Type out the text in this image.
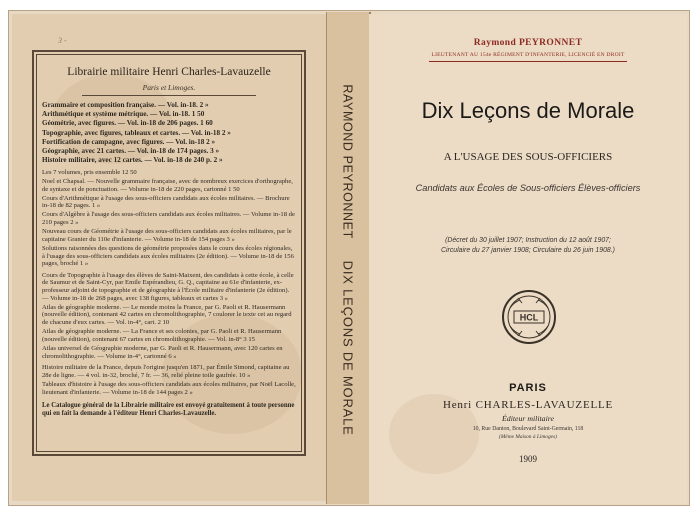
3 -
Librairie militaire Henri Charles-Lavauzelle
Paris et Limoges.
Grammaire et composition française. — Vol. in-18. 2 »
Arithmétique et système métrique. — Vol. in-18. 1 50
Géométrie, avec figures. — Vol. in-18 de 206 pages. 1 60
Topographie, avec figures, tableaux et cartes. — Vol. in-18 2 »
Fortification de campagne, avec figures. — Vol. in-18 2 »
Géographie, avec 21 cartes. — Vol. in-18 de 174 pages. 3 »
Histoire militaire, avec 12 cartes. — Vol. in-18 de 240 p. 2 »
Les 7 volumes, pris ensemble 12 50
Noel et Chapsal. — Nouvelle grammaire française, avec de nombreux exercices d'orthographe, de syntaxe et de ponctuation. — Volume in-18 de 220 pages, cartonné 1 50
Cours d'Arithmétique à l'usage des sous-officiers candidats aux écoles militaires. — Brochure in-18 de 82 pages. 1 »
Cours d'Algèbre à l'usage des sous-officiers candidats aux écoles militaires. — Volume in-18 de 210 pages 2 »
Nouveau cours de Géométrie à l'usage des sous-officiers candidats aux écoles militaires, par le capitaine Granier du 110e d'infanterie. — Volume in-18 de 154 pages 3 »
Solutions raisonnées des questions de géométrie proposées dans le cours des écoles régionales, à l'usage des sous-officiers candidats aux écoles militaires (2e édition). — Volume in-18 de 156 pages, broché 1 »
Cours de Topographie à l'usage des élèves de Saint-Maixent, des candidats à cette école, à celle de Saumur et de Saint-Cyr, par Emile Espérandieu, G. Q., capitaine au 61e d'infanterie, ex-professeur adjoint de topographie et de géographie à l'École militaire d'infanterie (2e édition). — Volume in-18 de 268 pages, avec 138 figures, tableaux et cartes 3 »
Atlas de géographie moderne. — Le monde moins la France, par G. Paoli et R. Hausermann (nouvelle édition), contenant 42 cartes en chromolithographie, 7 coulorer le texte cet au regard de chacune d'eux cartes. — Vol. in-4°, cart. 2 10
Atlas de géographie moderne. — La France et ses colonies, par G. Paoli et R. Hausermann (nouvelle édition), contenant 67 cartes en chromolithographie. — Vol. in-8° 3 15
Atlas universel de Géographie moderne, par G. Paoli et R. Hausermann, avec 120 cartes en chromolithographie. — Volume in-4°, cartonné 6 »
Histoire militaire de la France, depuis l'origine jusqu'en 1871, par Émile Simond, capitaine au 28e de ligne. — 4 vol. in-32, broché, 7 fr. — 36, relié pleine toile gaufrée. 10 »
Tableaux d'histoire à l'usage des sous-officiers candidats aux écoles militaires, par Noël Lacolle, lieutenant d'infanterie. — Volume in-18 de 144 pages 2 »
Le Catalogue général de la Librairie militaire est envoyé gratuitement à toute personne qui en fait la demande à l'éditeur Henri Charles-Lavauzelle.
RAYMOND PEYRONNET DIX LEÇONS DE MORALE
Raymond PEYRONNET
LIEUTENANT AU 154e RÉGIMENT D'INFANTERIE, LICENCIÉ EN DROIT
Dix Leçons de Morale
A L'USAGE DES SOUS-OFFICIERS
Candidats aux Écoles de Sous-officiers Élèves-officiers
(Décret du 30 juillet 1907; Instruction du 12 août 1907;
Circulaire du 27 janvier 1908; Circulaire du 26 juin 1908.)
HCL
PARIS
Henri CHARLES-LAVAUZELLE
Éditeur militaire
10, Rue Danton, Boulevard Saint-Germain, 118
(Même Maison à Limoges)
1909
